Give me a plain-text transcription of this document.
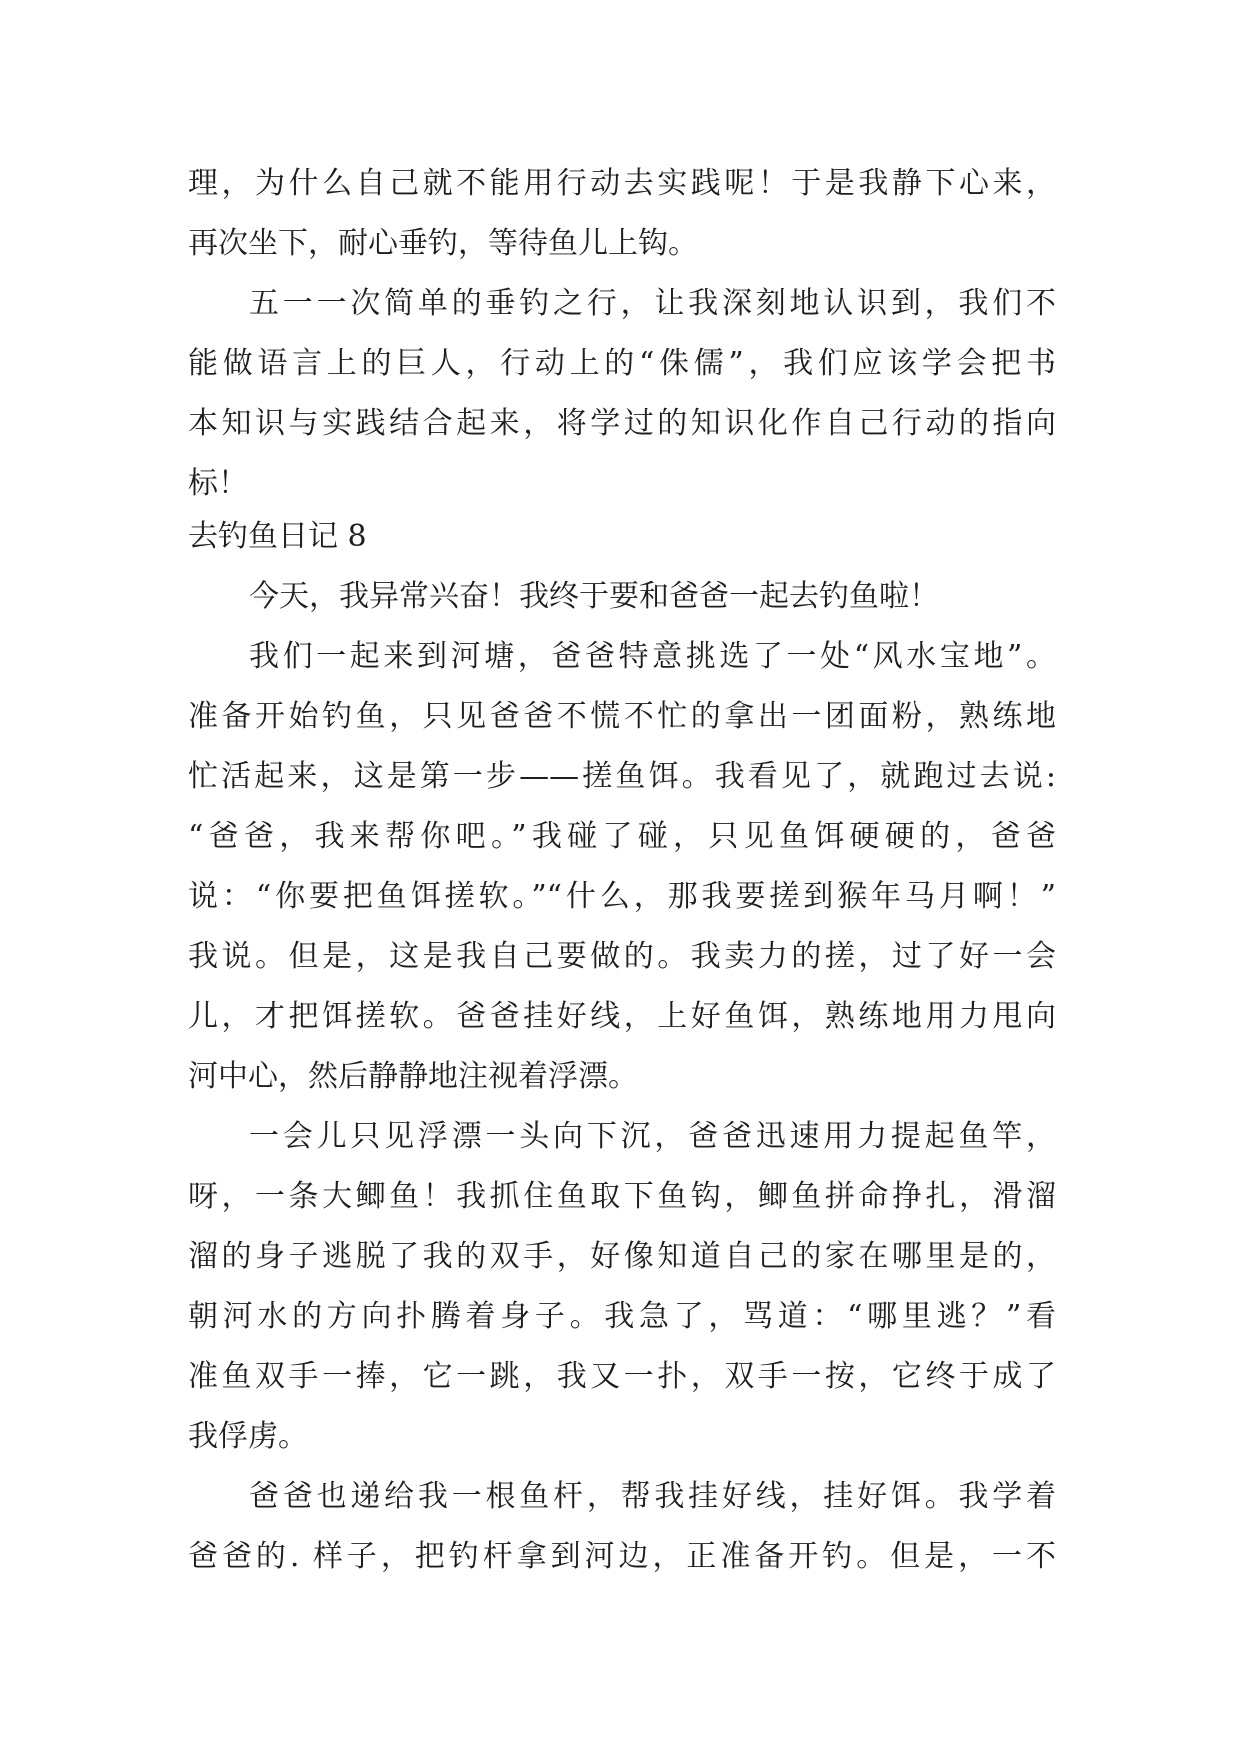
理，为什么自己就不能用行动去实践呢！于是我静下心来，
再次坐下，耐心垂钓，等待鱼儿上钩。
五一一次简单的垂钓之行，让我深刻地认识到，我们不
能做语言上的巨人，行动上的“侏儒”，我们应该学会把书
本知识与实践结合起来，将学过的知识化作自己行动的指向
标！
去钓鱼日记 8
今天，我异常兴奋！我终于要和爸爸一起去钓鱼啦！
我们一起来到河塘，爸爸特意挑选了一处“风水宝地”。
准备开始钓鱼，只见爸爸不慌不忙的拿出一团面粉，熟练地
忙活起来，这是第一步——搓鱼饵。我看见了，就跑过去说:
“爸爸，我来帮你吧。”我碰了碰，只见鱼饵硬硬的，爸爸
说：“你要把鱼饵搓软。”“什么，那我要搓到猴年马月啊！”
我说。但是，这是我自己要做的。我卖力的搓，过了好一会
儿，才把饵搓软。爸爸挂好线，上好鱼饵，熟练地用力甩向
河中心，然后静静地注视着浮漂。
一会儿只见浮漂一头向下沉，爸爸迅速用力提起鱼竿，
呀，一条大鲫鱼！我抓住鱼取下鱼钩，鲫鱼拼命挣扎，滑溜
溜的身子逃脱了我的双手，好像知道自己的家在哪里是的，
朝河水的方向扑腾着身子。我急了，骂道：“哪里逃？”看
准鱼双手一捧，它一跳，我又一扑，双手一按，它终于成了
我俘虏。
爸爸也递给我一根鱼杆，帮我挂好线，挂好饵。我学着
爸爸的. 样子，把钓杆拿到河边，正准备开钓。但是，一不
